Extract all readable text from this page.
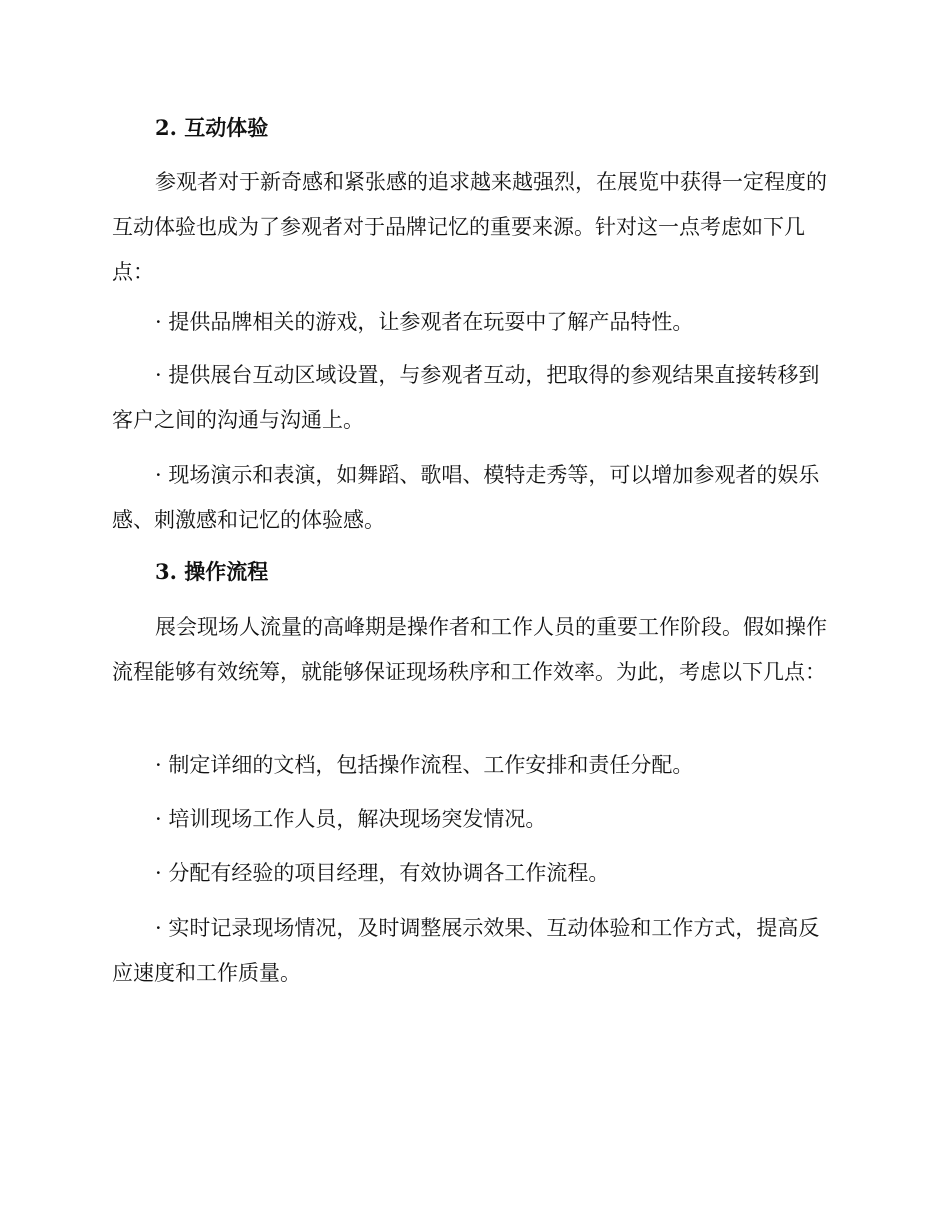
2. 互动体验

参观者对于新奇感和紧张感的追求越来越强烈，在展览中获得一定程度的互动体验也成为了参观者对于品牌记忆的重要来源。针对这一点考虑如下几点：

· 提供品牌相关的游戏，让参观者在玩耍中了解产品特性。

· 提供展台互动区域设置，与参观者互动，把取得的参观结果直接转移到客户之间的沟通与沟通上。

· 现场演示和表演，如舞蹈、歌唱、模特走秀等，可以增加参观者的娱乐感、刺激感和记忆的体验感。

3. 操作流程

展会现场人流量的高峰期是操作者和工作人员的重要工作阶段。假如操作流程能够有效统筹，就能够保证现场秩序和工作效率。为此，考虑以下几点：

· 制定详细的文档，包括操作流程、工作安排和责任分配。

· 培训现场工作人员，解决现场突发情况。

· 分配有经验的项目经理，有效协调各工作流程。

· 实时记录现场情况，及时调整展示效果、互动体验和工作方式，提高反应速度和工作质量。
